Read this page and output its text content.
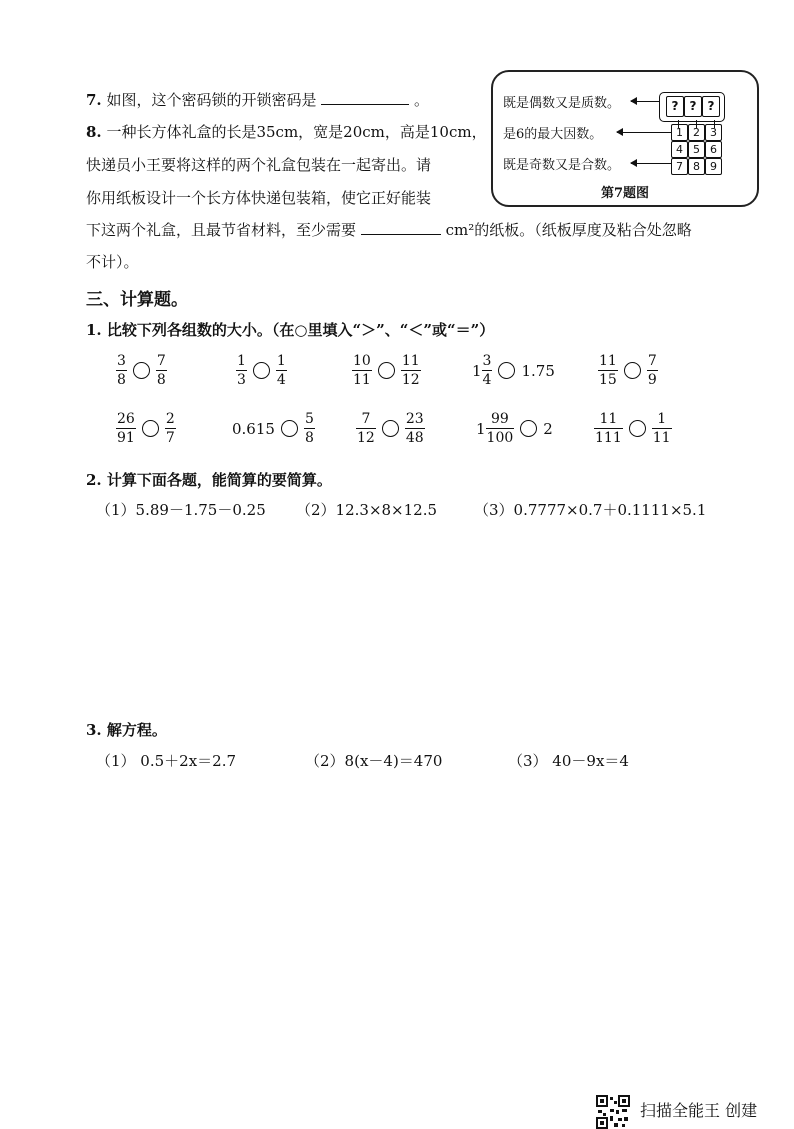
7. 如图，这个密码锁的开锁密码是	。
8. 一种长方体礼盒的长是35cm，宽是20cm，高是10cm，
快递员小王要将这样的两个礼盒包装在一起寄出。请
你用纸板设计一个长方体快递包装箱，使它正好能装
下这两个礼盒，且最节省材料，至少需要	cm²的纸板。（纸板厚度及粘合处忽略
不计）。
既是偶数又是质数。
是6的最大因数。
既是奇数又是合数。
? ? ?
1 2 3
4 5 6
7 8 9
第7题图
三、计算题。
1. 比较下列各组数的大小。（在○里填入“＞”、“＜”或“＝”）
$\frac{3}{8} \frac{7}{8}$	$\frac{1}{3} \frac{1}{4}$	$\frac{10}{11} \frac{11}{12}$	$1 \frac{3}{4} 1.75$	$\frac{11}{15} \frac{7}{9}$
$\frac{26}{91} \frac{2}{7}$	$0.615 \frac{5}{8}$	$\frac{7}{12} \frac{23}{48}$	$1 \frac{99}{100} 2$	$\frac{11}{111} \frac{1}{11}$
2. 计算下面各题，能简算的要简算。
（1）5.89－1.75－0.25 （2）12.3×8×12.5 （3）0.7777×0.7＋0.1111×5.1
3. 解方程。
（1） 0.5＋2x＝2.7	（2）8(x－4)＝470	（3） 40－9x＝4
扫描全能王 创建
